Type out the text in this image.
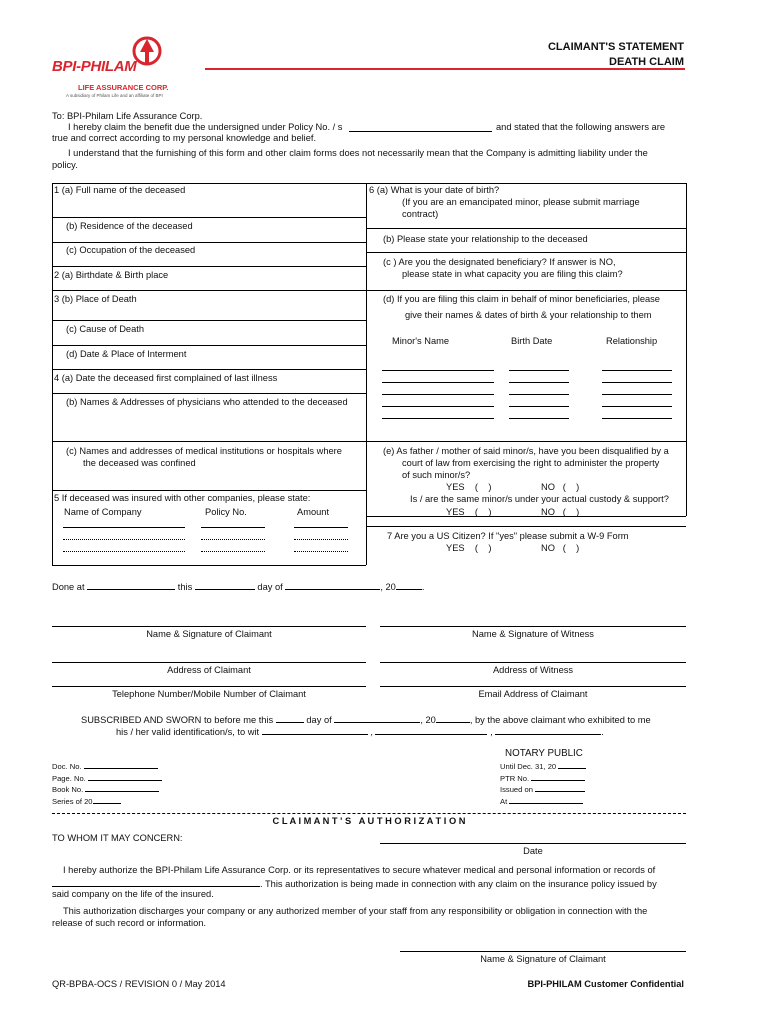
BPI-PHILAM
LIFE ASSURANCE CORP.
A subsidiary of Philam Life and an affiliate of BPI
CLAIMANT'S STATEMENT
DEATH CLAIM
To: BPI-Philam Life Assurance Corp.
I hereby claim the benefit due the undersigned under Policy No. / s	and stated that the following answers are
true and correct according to my personal knowledge and belief.
I understand that the furnishing of this form and other claim forms does not necessarily mean that the Company is admitting liability under the
policy.
1 (a) Full name of the deceased
(b) Residence of the deceased
(c) Occupation of the deceased
2 (a) Birthdate & Birth place
3 (b) Place of Death
(c) Cause of Death
(d) Date & Place of Interment
4 (a) Date the deceased first complained of last illness
(b) Names & Addresses of physicians who attended to the deceased
(c) Names and addresses of medical institutions or hospitals where
the deceased was confined
5 If deceased was insured with other companies, please state:
Name of Company	Policy No.	Amount
6 (a) What is your date of birth?
(If you are an emancipated minor, please submit marriage
contract)
(b) Please state your relationship to the deceased
(c ) Are you the designated beneficiary? If answer is NO,
please state in what capacity you are filing this claim?
(d) If you are filing this claim in behalf of minor beneficiaries, please
give their names & dates of birth & your relationship to them
Minor's Name	Birth Date	Relationship
(e) As father / mother of said minor/s, have you been disqualified by a
court of law from exercising the right to administer the property
of such minor/s?
YES    (    )	NO   (    )
Is / are the same minor/s under your actual custody & support?
YES    (    )	NO   (    )
7 Are you a US Citizen? If "yes" please submit a W-9 Form
YES    (    )	NO   (    )
Done at	this	day of	, 20	.
Name & Signature of Claimant	Name & Signature of Witness
Address of Claimant	Address of Witness
Telephone Number/Mobile Number of Claimant	Email Address of Claimant
SUBSCRIBED AND SWORN to before me this	day of	, 20	, by the above claimant who exhibited to me
his / her valid identification/s, to wit	,	,	.
NOTARY PUBLIC
Doc. No.
Page. No.
Book No.
Series of 20
Until Dec. 31, 20
PTR No.
Issued on
At
C L A I M A N T ' S   A U T H O R I Z A T I O N
TO WHOM IT MAY CONCERN:
Date
I hereby authorize the BPI-Philam Life Assurance Corp. or its representatives to secure whatever medical and personal information or records of
. This authorization is being made in connection with any claim on the insurance policy issued by
said company on the life of the insured.
This authorization discharges your company or any authorized member of your staff from any responsibility or obligation in connection with the
release of such record or information.
Name & Signature of Claimant
QR-BPBA-OCS / REVISION 0 / May 2014	BPI-PHILAM Customer Confidential
